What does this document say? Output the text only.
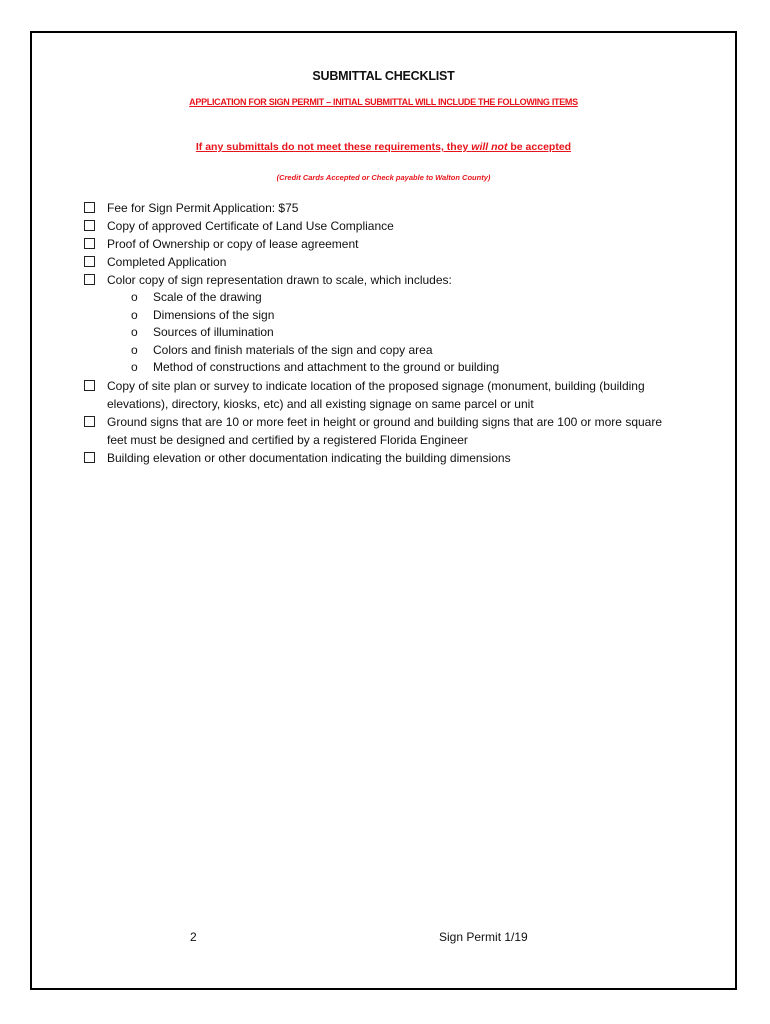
SUBMITTAL CHECKLIST
APPLICATION FOR SIGN PERMIT – INITIAL SUBMITTAL WILL INCLUDE THE FOLLOWING ITEMS
If any submittals do not meet these requirements, they will not be accepted
(Credit Cards Accepted or Check payable to Walton County)
Fee for Sign Permit Application: $75
Copy of approved Certificate of Land Use Compliance
Proof of Ownership or copy of lease agreement
Completed Application
Color copy of sign representation drawn to scale, which includes:
o	Scale of the drawing
o	Dimensions of the sign
o	Sources of illumination
o	Colors and finish materials of the sign and copy area
o	Method of constructions and attachment to the ground or building
Copy of site plan or survey to indicate location of the proposed signage (monument, building (building elevations), directory, kiosks, etc) and all existing signage on same parcel or unit
Ground signs that are 10 or more feet in height or ground and building signs that are 100 or more square feet must be designed and certified by a registered Florida Engineer
Building elevation or other documentation indicating the building dimensions
2	Sign Permit 1/19
